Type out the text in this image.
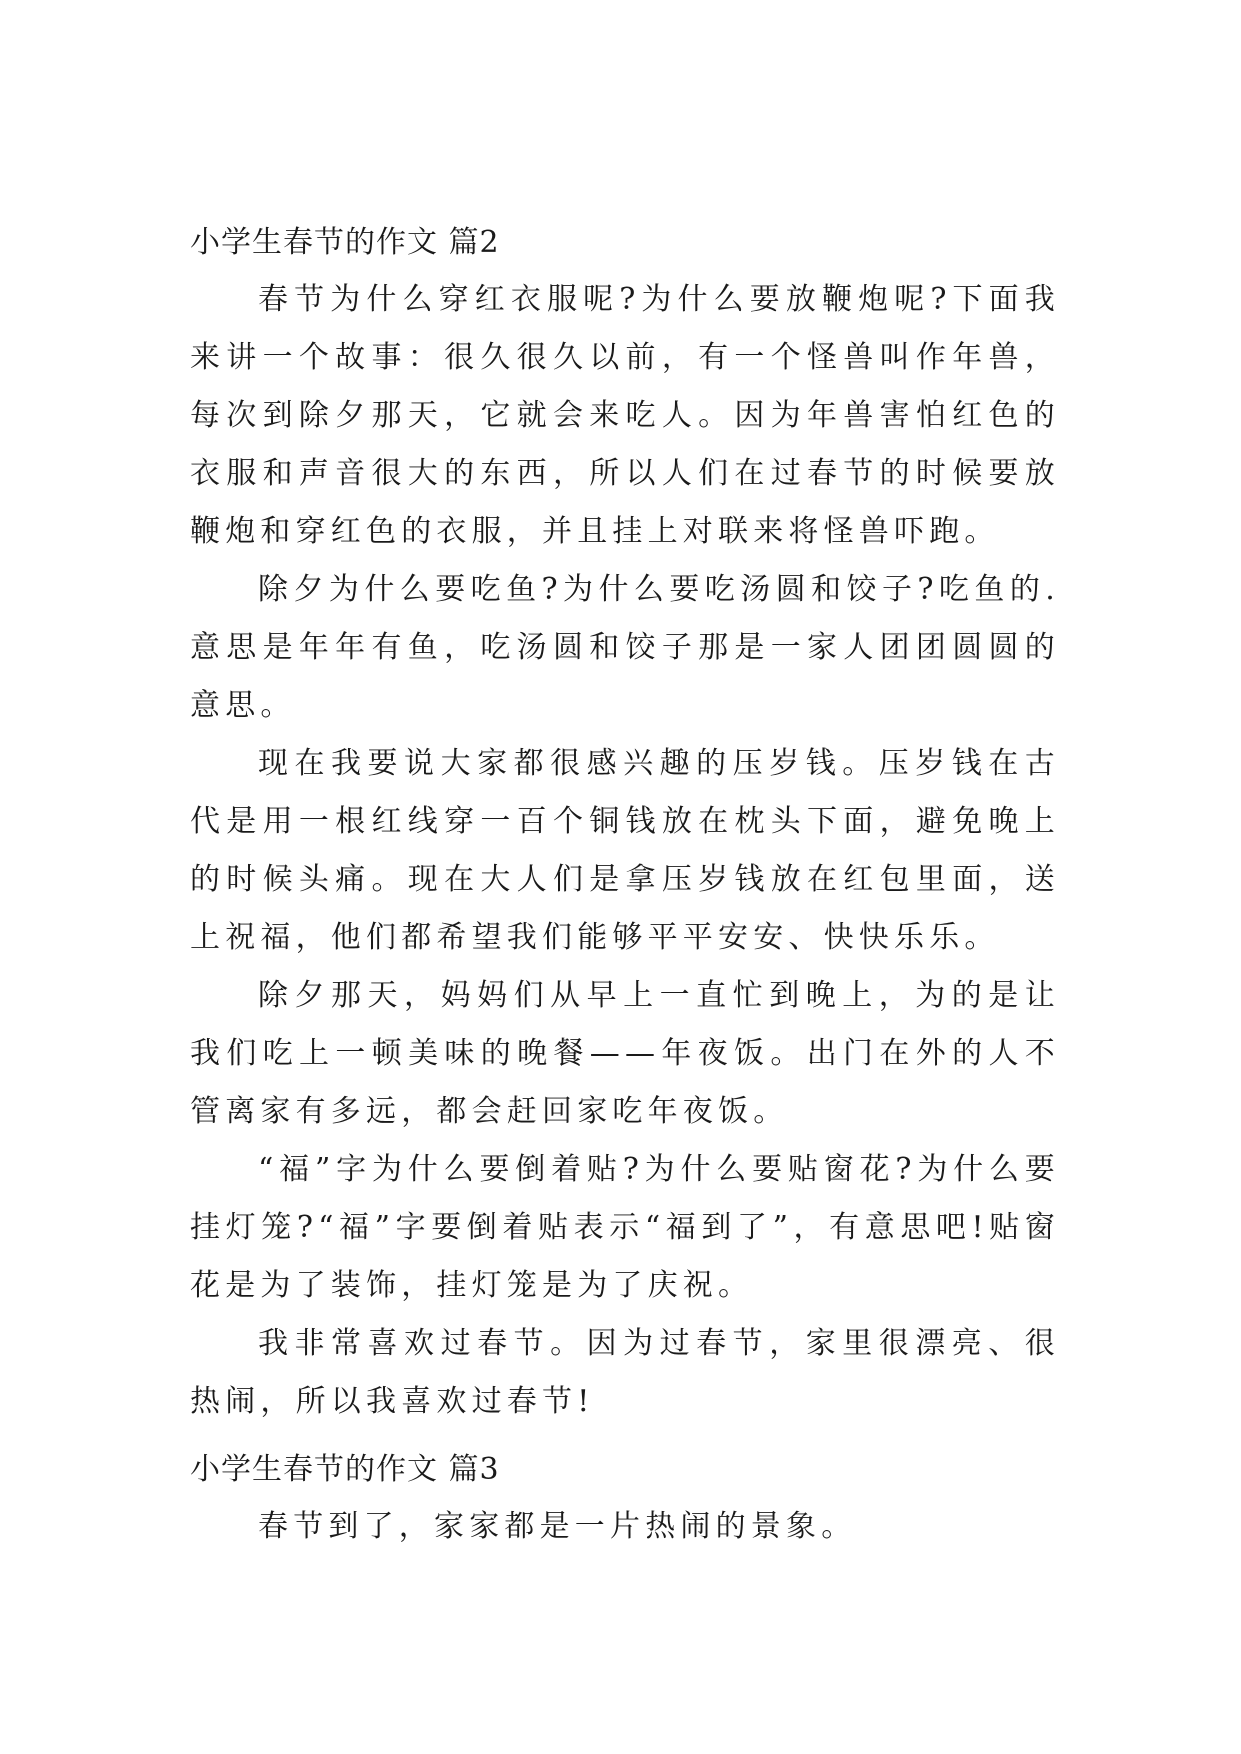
小学生春节的作文 篇2

春节为什么穿红衣服呢?为什么要放鞭炮呢?下面我来讲一个故事：很久很久以前，有一个怪兽叫作年兽，每次到除夕那天，它就会来吃人。因为年兽害怕红色的衣服和声音很大的东西，所以人们在过春节的时候要放鞭炮和穿红色的衣服，并且挂上对联来将怪兽吓跑。

除夕为什么要吃鱼?为什么要吃汤圆和饺子?吃鱼的.意思是年年有鱼，吃汤圆和饺子那是一家人团团圆圆的意思。

现在我要说大家都很感兴趣的压岁钱。压岁钱在古代是用一根红线穿一百个铜钱放在枕头下面，避免晚上的时候头痛。现在大人们是拿压岁钱放在红包里面，送上祝福，他们都希望我们能够平平安安、快快乐乐。

除夕那天，妈妈们从早上一直忙到晚上，为的是让我们吃上一顿美味的晚餐——年夜饭。出门在外的人不管离家有多远，都会赶回家吃年夜饭。

“福”字为什么要倒着贴?为什么要贴窗花?为什么要挂灯笼?“福”字要倒着贴表示“福到了”，有意思吧!贴窗花是为了装饰，挂灯笼是为了庆祝。

我非常喜欢过春节。因为过春节，家里很漂亮、很热闹，所以我喜欢过春节!

小学生春节的作文 篇3

春节到了，家家都是一片热闹的景象。
